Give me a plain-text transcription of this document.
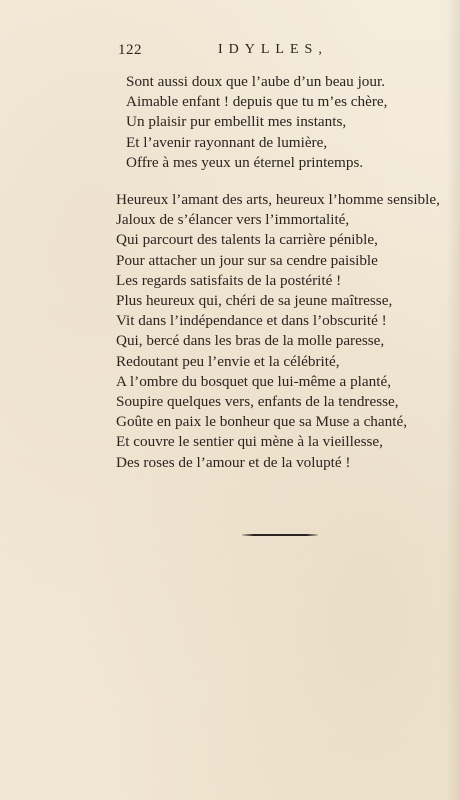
122	IDYLLES,
Sont aussi doux que l’aube d’un beau jour.
Aimable enfant ! depuis que tu m’es chère,
Un plaisir pur embellit mes instants,
Et l’avenir rayonnant de lumière,
Offre à mes yeux un éternel printemps.
Heureux l’amant des arts, heureux l’homme sensible,
Jaloux de s’élancer vers l’immortalité,
Qui parcourt des talents la carrière pénible,
Pour attacher un jour sur sa cendre paisible
Les regards satisfaits de la postérité !
Plus heureux qui, chéri de sa jeune maîtresse,
Vit dans l’indépendance et dans l’obscurité !
Qui, bercé dans les bras de la molle paresse,
Redoutant peu l’envie et la célébrité,
A l’ombre du bosquet que lui-même a planté,
Soupire quelques vers, enfants de la tendresse,
Goûte en paix le bonheur que sa Muse a chanté,
Et couvre le sentier qui mène à la vieillesse,
Des roses de l’amour et de la volupté !
